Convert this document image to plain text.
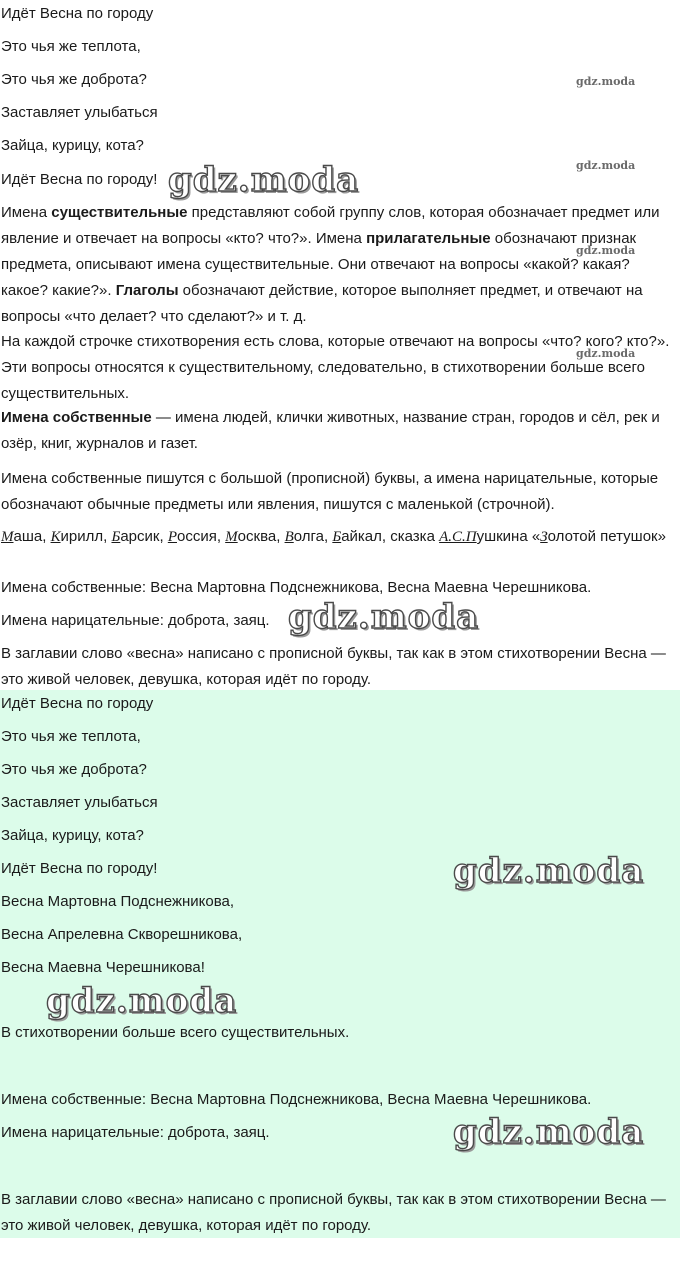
Идёт Весна по городу
Это чья же теплота,
Это чья же доброта?
Заставляет улыбаться
Зайца, курицу, кота?
Идёт Весна по городу!
Имена существительные представляют собой группу слов, которая обозначает предмет или явление и отвечает на вопросы «кто? что?». Имена прилагательные обозначают признак предмета, описывают имена существительные. Они отвечают на вопросы «какой? какая? какое? какие?». Глаголы обозначают действие, которое выполняет предмет, и отвечают на вопросы «что делает? что сделают?» и т. д.
На каждой строчке стихотворения есть слова, которые отвечают на вопросы «что? кого? кто?». Эти вопросы относятся к существительному, следовательно, в стихотворении больше всего существительных.
Имена собственные — имена людей, клички животных, название стран, городов и сёл, рек и озёр, книг, журналов и газет.
Имена собственные пишутся с большой (прописной) буквы, а имена нарицательные, которые обозначают обычные предметы или явления, пишутся с маленькой (строчной).
Маша, Кирилл, Барсик, Россия, Москва, Волга, Байкал, сказка А.С.Пушкина «Золотой петушок»
Имена собственные: Весна Мартовна Подснежникова, Весна Маевна Черешникова.
Имена нарицательные: доброта, заяц.
В заглавии слово «весна» написано с прописной буквы, так как в этом стихотворении Весна — это живой человек, девушка, которая идёт по городу.
Идёт Весна по городу
Это чья же теплота,
Это чья же доброта?
Заставляет улыбаться
Зайца, курицу, кота?
Идёт Весна по городу!
Весна Мартовна Подснежникова,
Весна Апрелевна Скворешникова,
Весна Маевна Черешникова!
В стихотворении больше всего существительных.
Имена собственные: Весна Мартовна Подснежникова, Весна Маевна Черешникова.
Имена нарицательные: доброта, заяц.
В заглавии слово «весна» написано с прописной буквы, так как в этом стихотворении Весна — это живой человек, девушка, которая идёт по городу.
gdz.moda
gdz.moda
gdz.moda
gdz.moda
gdz.moda
gdz.moda
gdz.moda
gdz.moda
gdz.moda
